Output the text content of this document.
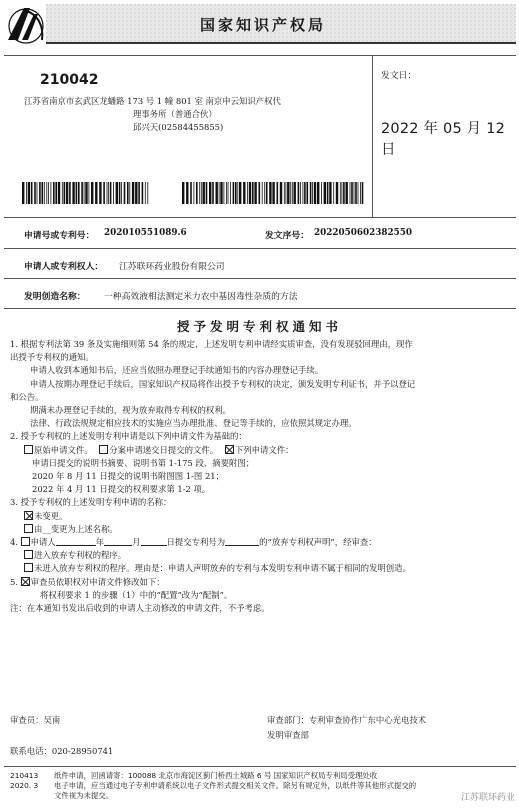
国家知识产权局
210042
江苏省南京市玄武区龙蟠路 173 号 1 幢 801 室 南京申云知识产权代
理事务所（普通合伙）
邱兴天(02584455855)
发文日：
2022 年 05 月 12 日
申请号或专利号： 202010551089.6	发文序号： 2022050602382550
申请人或专利权人： 江苏联环药业股份有限公司
发明创造名称： 一种高效液相法测定米力农中基因毒性杂质的方法
授予发明专利权通知书
1. 根据专利法第 39 条及实施细则第 54 条的规定，上述发明专利申请经实质审查，没有发现驳回理由，现作
出授予专利权的通知。
申请人收到本通知书后，还应当依照办理登记手续通知书的内容办理登记手续。
申请人按期办理登记手续后，国家知识产权局将作出授予专利权的决定，颁发发明专利证书，并予以登记
和公告。
期满未办理登记手续的，视为放弃取得专利权的权利。
法律、行政法规规定相应技术的实施应当办理批准、登记等手续的，应依照其规定办理。
2. 授予专利权的上述发明专利申请是以下列申请文件为基础的：
原始申请文件。 分案申请递交日提交的文件。 下列申请文件：
申请日提交的说明书摘要、说明书第 1-175 段、摘要附图；
2020 年 8 月 11 日提交的说明书附图图 1-图 21；
2022 年 4 月 11 日提交的权利要求第 1-2 项。
3. 授予专利权的上述发明专利申请的名称：
未变更。
由__变更为上述名称。
4. 申请人	年	月	日提交专利号为	的“放弃专利权声明”，经审查：
进入放弃专利权的程序。
未进入放弃专利权的程序。理由是：申请人声明放弃的专利与本发明专利申请不属于相同的发明创造。
5. 审查员依职权对申请文件修改如下：
将权利要求 1 的步骤（1）中的“配置”改为“配制”。
注：在本通知书发出后收到的申请人主动修改的申请文件，不予考虑。
审查员：吴南	审查部门：专利审查协作广东中心光电技术
发明审查部
联系电话：020-28950741
210413 纸件申请，回函请寄：100088 北京市海淀区蓟门桥西土城路 6 号 国家知识产权局专利局受理处收
2020. 3 电子申请，应当通过电子专利申请系统以电子文件形式提交相关文件。除另有规定外，以纸件等其他形式提交的
文件视为未提交。	江苏联环药业
